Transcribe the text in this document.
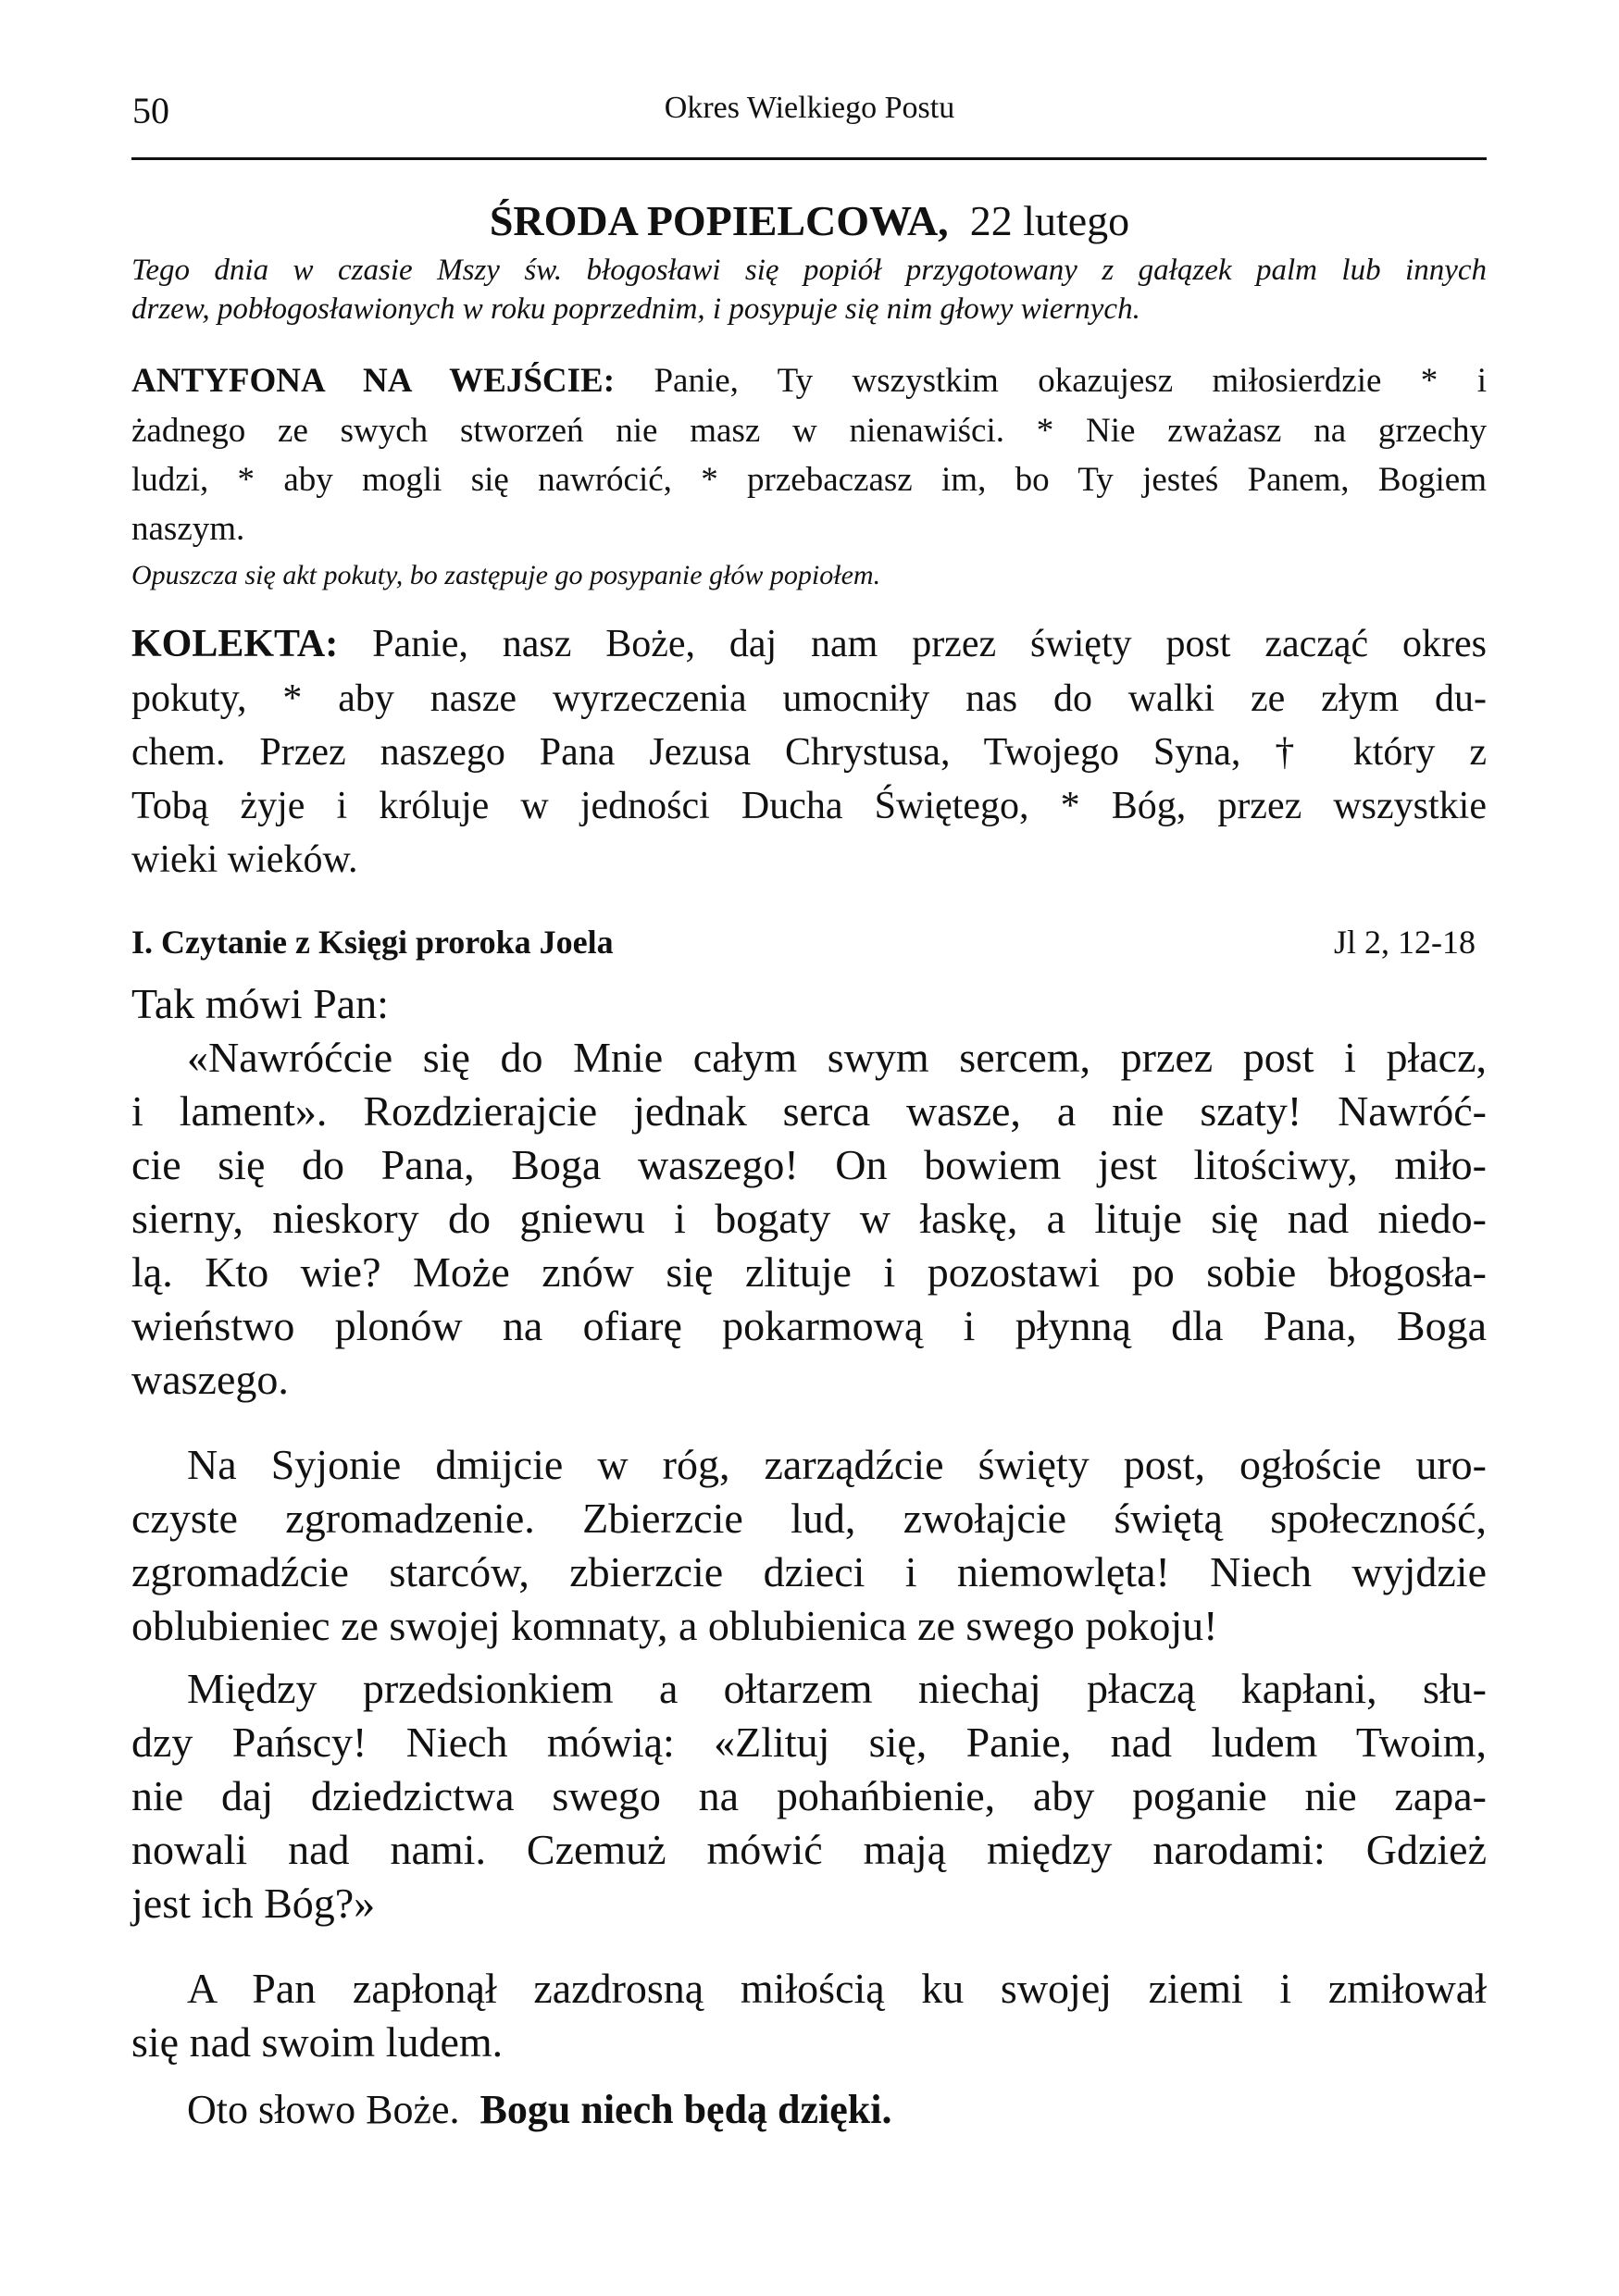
50	Okres Wielkiego Postu
ŚRODA POPIELCOWA, 22 lutego
Tego dnia w czasie Mszy św. błogosławi się popiół przygotowany z gałązek palm lub innych
drzew, pobłogosławionych w roku poprzednim, i posypuje się nim głowy wiernych.
ANTYFONA NA WEJŚCIE: Panie, Ty wszystkim okazujesz miłosierdzie * i
żadnego ze swych stworzeń nie masz w nienawiści. * Nie zważasz na grzechy
ludzi, * aby mogli się nawrócić, * przebaczasz im, bo Ty jesteś Panem, Bogiem
naszym.
Opuszcza się akt pokuty, bo zastępuje go posypanie głów popiołem.
KOLEKTA: Panie, nasz Boże, daj nam przez święty post zacząć okres
pokuty, * aby nasze wyrzeczenia umocniły nas do walki ze złym du-
chem. Przez naszego Pana Jezusa Chrystusa, Twojego Syna, † który z
Tobą żyje i króluje w jedności Ducha Świętego, * Bóg, przez wszystkie
wieki wieków.
I. Czytanie z Księgi proroka Joela	Jl 2, 12-18
Tak mówi Pan:
«Nawróćcie się do Mnie całym swym sercem, przez post i płacz,
i lament». Rozdzierajcie jednak serca wasze, a nie szaty! Nawróć-
cie się do Pana, Boga waszego! On bowiem jest litościwy, miło-
sierny, nieskory do gniewu i bogaty w łaskę, a lituje się nad niedo-
lą. Kto wie? Może znów się zlituje i pozostawi po sobie błogosła-
wieństwo plonów na ofiarę pokarmową i płynną dla Pana, Boga
waszego.
Na Syjonie dmijcie w róg, zarządźcie święty post, ogłoście uro-
czyste zgromadzenie. Zbierzcie lud, zwołajcie świętą społeczność,
zgromadźcie starców, zbierzcie dzieci i niemowlęta! Niech wyjdzie
oblubieniec ze swojej komnaty, a oblubienica ze swego pokoju!
Między przedsionkiem a ołtarzem niechaj płaczą kapłani, słu-
dzy Pańscy! Niech mówią: «Zlituj się, Panie, nad ludem Twoim,
nie daj dziedzictwa swego na pohańbienie, aby poganie nie zapa-
nowali nad nami. Czemuż mówić mają między narodami: Gdzież
jest ich Bóg?»
A Pan zapłonął zazdrosną miłością ku swojej ziemi i zmiłował
się nad swoim ludem.
Oto słowo Boże. Bogu niech będą dzięki.
